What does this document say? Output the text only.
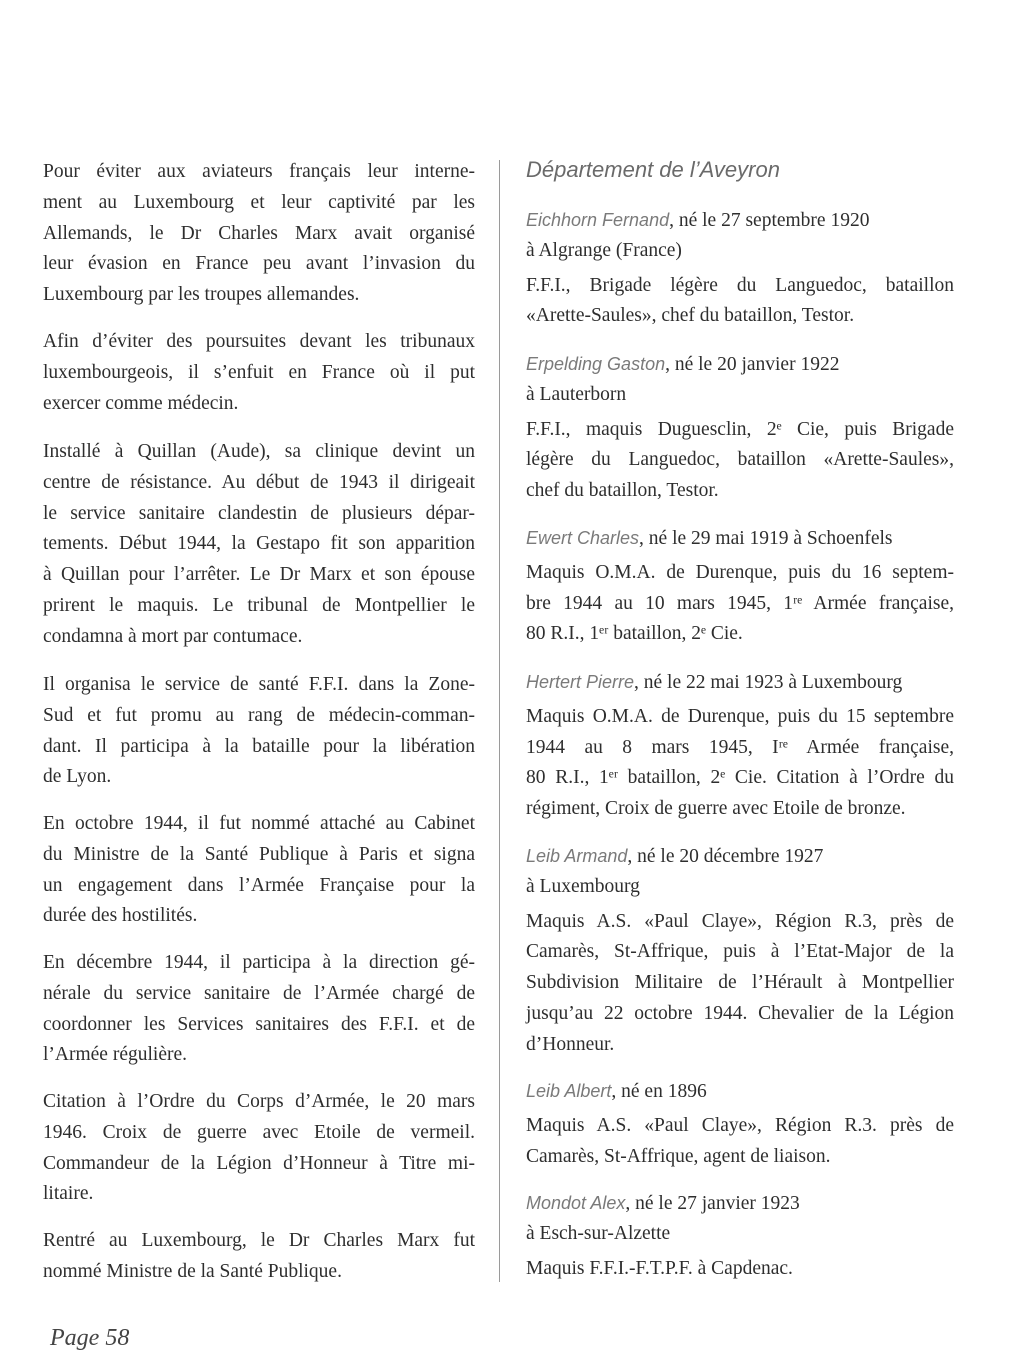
Pour éviter aux aviateurs français leur interne-
ment au Luxembourg et leur captivité par les
Allemands, le Dr Charles Marx avait organisé
leur évasion en France peu avant l’invasion du
Luxembourg par les troupes allemandes.
Afin d’éviter des poursuites devant les tribunaux
luxembourgeois, il s’enfuit en France où il put
exercer comme médecin.
Installé à Quillan (Aude), sa clinique devint un
centre de résistance. Au début de 1943 il dirigeait
le service sanitaire clandestin de plusieurs dépar-
tements. Début 1944, la Gestapo fit son apparition
à Quillan pour l’arrêter. Le Dr Marx et son épouse
prirent le maquis. Le tribunal de Montpellier le
condamna à mort par contumace.
Il organisa le service de santé F.F.I. dans la Zone-
Sud et fut promu au rang de médecin-comman-
dant. Il participa à la bataille pour la libération
de Lyon.
En octobre 1944, il fut nommé attaché au Cabinet
du Ministre de la Santé Publique à Paris et signa
un engagement dans l’Armée Française pour la
durée des hostilités.
En décembre 1944, il participa à la direction gé-
nérale du service sanitaire de l’Armée chargé de
coordonner les Services sanitaires des F.F.I. et de
l’Armée régulière.
Citation à l’Ordre du Corps d’Armée, le 20 mars
1946. Croix de guerre avec Etoile de vermeil.
Commandeur de la Légion d’Honneur à Titre mi-
litaire.
Rentré au Luxembourg, le Dr Charles Marx fut
nommé Ministre de la Santé Publique.
Département de l’Aveyron
Eichhorn Fernand, né le 27 septembre 1920
à Algrange (France)
F.F.I., Brigade légère du Languedoc, bataillon
«Arette-Saules», chef du bataillon, Testor.
Erpelding Gaston, né le 20 janvier 1922
à Lauterborn
F.F.I., maquis Duguesclin, 2ᵉ Cie, puis Brigade
légère du Languedoc, bataillon «Arette-Saules»,
chef du bataillon, Testor.
Ewert Charles, né le 29 mai 1919 à Schoenfels
Maquis O.M.A. de Durenque, puis du 16 septem-
bre 1944 au 10 mars 1945, 1ʳᵉ Armée française,
80 R.I., 1ᵉʳ bataillon, 2ᵉ Cie.
Hertert Pierre, né le 22 mai 1923 à Luxembourg
Maquis O.M.A. de Durenque, puis du 15 septembre
1944 au 8 mars 1945, Iʳᵉ Armée française,
80 R.I., 1ᵉʳ bataillon, 2ᵉ Cie. Citation à l’Ordre du
régiment, Croix de guerre avec Etoile de bronze.
Leib Armand, né le 20 décembre 1927
à Luxembourg
Maquis A.S. «Paul Claye», Région R.3, près de
Camarès, St-Affrique, puis à l’Etat-Major de la
Subdivision Militaire de l’Hérault à Montpellier
jusqu’au 22 octobre 1944. Chevalier de la Légion
d’Honneur.
Leib Albert, né en 1896
Maquis A.S. «Paul Claye», Région R.3. près de
Camarès, St-Affrique, agent de liaison.
Mondot Alex, né le 27 janvier 1923
à Esch-sur-Alzette
Maquis F.F.I.-F.T.P.F. à Capdenac.
Page 58
